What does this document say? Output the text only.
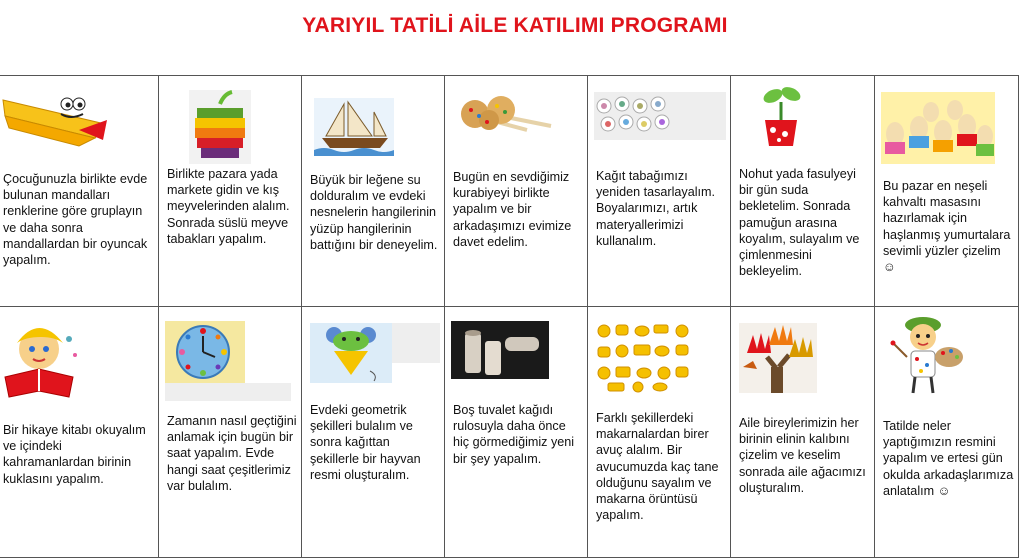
YARIYIL TATİLİ AİLE KATILIMI PROGRAMI
Çocuğunuzla birlikte evde bulunan mandalları renklerine göre gruplayın ve daha sonra mandallardan bir oyuncak yapalım.	Birlikte pazara yada markete gidin ve kış meyvelerinden alalım. Sonrada süslü meyve tabakları yapalım.	Büyük bir leğene su dolduralım ve evdeki nesnelerin hangilerinin yüzüp hangilerinin battığını bir deneyelim.	Bugün en sevdiğimiz kurabiyeyi birlikte yapalım ve bir arkadaşımızı evimize davet edelim.	Kağıt tabağımızı yeniden tasarlayalım. Boyalarımızı, artık materyallerimizi kullanalım.	Nohut yada fasulyeyi bir gün suda bekletelim. Sonrada pamuğun arasına koyalım, sulayalım ve çimlenmesini bekleyelim.	Bu pazar en neşeli kahvaltı masasını hazırlamak için haşlanmış yumurtalara sevimli yüzler çizelim ☺

Bir hikaye kitabı okuyalım ve içindeki kahramanlardan birinin kuklasını yapalım.	Zamanın nasıl geçtiğini anlamak için bugün bir saat yapalım. Evde hangi saat çeşitlerimiz var bulalım.	Evdeki geometrik şekilleri bulalım ve sonra kağıttan şekillerle bir hayvan resmi oluşturalım.	Boş tuvalet kağıdı rulosuyla daha önce hiç görmediğimiz yeni bir şey yapalım.	Farklı şekillerdeki makarnalardan birer avuç alalım. Bir avucumuzda kaç tane olduğunu sayalım ve makarna örüntüsü yapalım.	Aile bireylerimizin her birinin elinin kalıbını çizelim ve keselim sonrada aile ağacımızı oluşturalım.	Tatilde neler yaptığımızın resmini yapalım ve ertesi gün okulda arkadaşlarımıza anlatalım ☺
